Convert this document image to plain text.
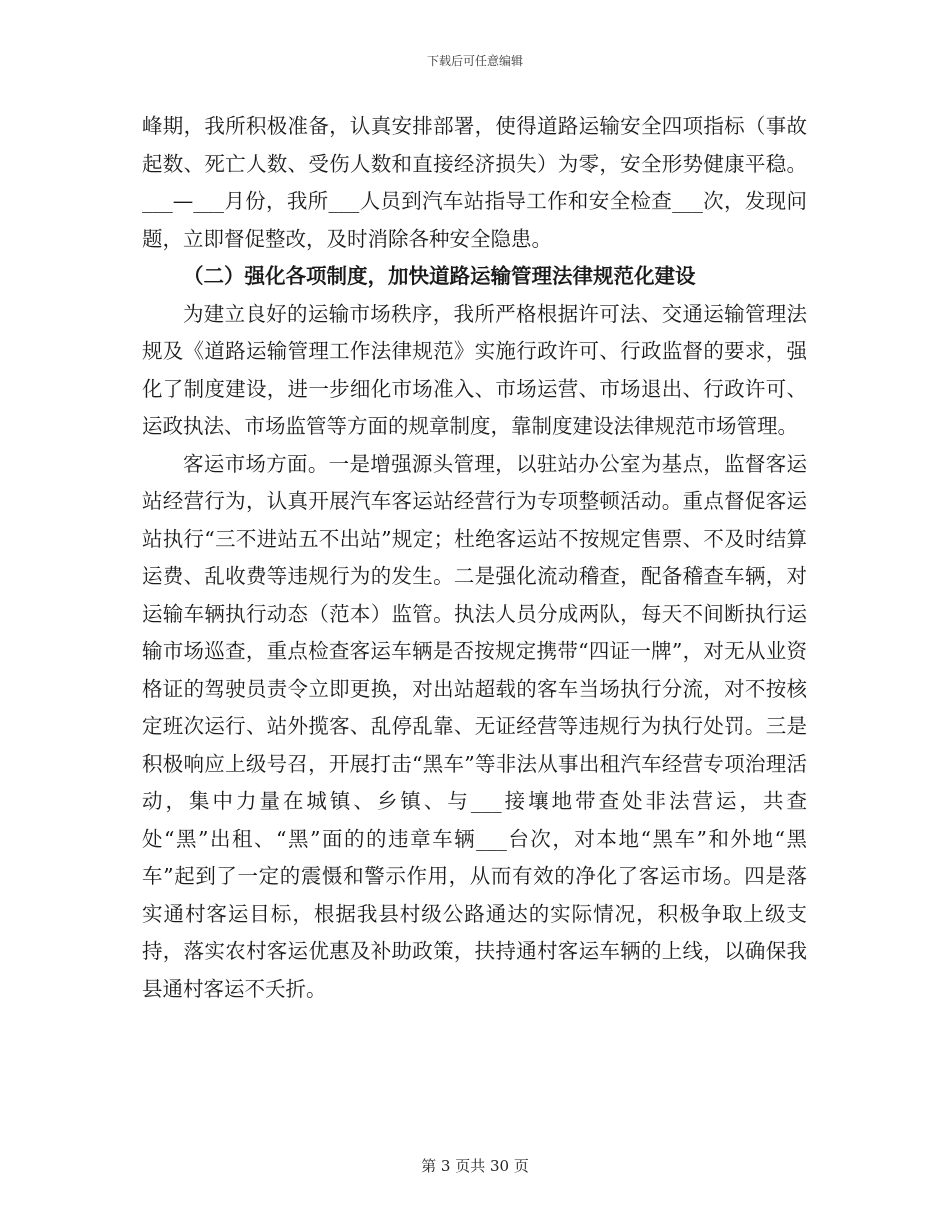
下载后可任意编辑

峰期，我所积极准备，认真安排部署，使得道路运输安全四项指标（事故起数、死亡人数、受伤人数和直接经济损失）为零，安全形势健康平稳。___—___月份，我所___人员到汽车站指导工作和安全检查___次，发现问题，立即督促整改，及时消除各种安全隐患。

（二）强化各项制度，加快道路运输管理法律规范化建设

为建立良好的运输市场秩序，我所严格根据许可法、交通运输管理法规及《道路运输管理工作法律规范》实施行政许可、行政监督的要求，强化了制度建设，进一步细化市场准入、市场运营、市场退出、行政许可、运政执法、市场监管等方面的规章制度，靠制度建设法律规范市场管理。

客运市场方面。一是增强源头管理，以驻站办公室为基点，监督客运站经营行为，认真开展汽车客运站经营行为专项整顿活动。重点督促客运站执行“三不进站五不出站”规定；杜绝客运站不按规定售票、不及时结算运费、乱收费等违规行为的发生。二是强化流动稽查，配备稽查车辆，对运输车辆执行动态（范本）监管。执法人员分成两队，每天不间断执行运输市场巡查，重点检查客运车辆是否按规定携带“四证一牌”，对无从业资格证的驾驶员责令立即更换，对出站超载的客车当场执行分流，对不按核定班次运行、站外揽客、乱停乱靠、无证经营等违规行为执行处罚。三是积极响应上级号召，开展打击“黑车”等非法从事出租汽车经营专项治理活动，集中力量在城镇、乡镇、与___接壤地带查处非法营运，共查处“黑”出租、“黑”面的的违章车辆___台次，对本地“黑车”和外地“黑车”起到了一定的震慑和警示作用，从而有效的净化了客运市场。四是落实通村客运目标，根据我县村级公路通达的实际情况，积极争取上级支持，落实农村客运优惠及补助政策，扶持通村客运车辆的上线，以确保我县通村客运不夭折。

第 3 页共 30 页
